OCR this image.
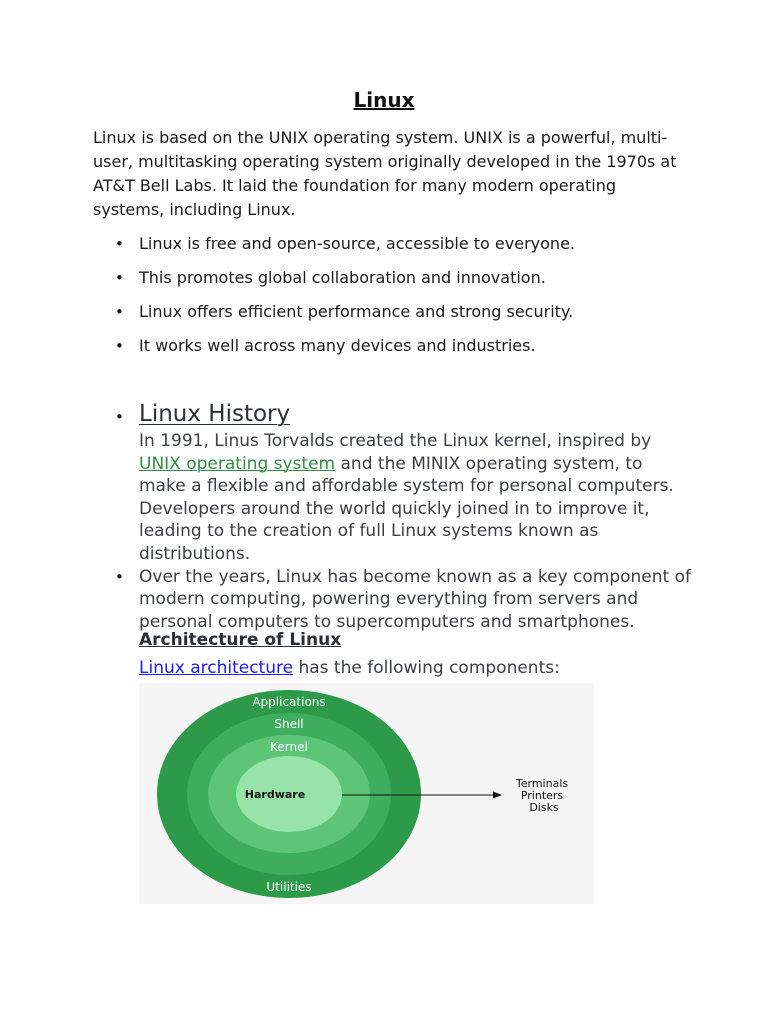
Linux

Linux is based on the UNIX operating system. UNIX is a powerful, multi-user, multitasking operating system originally developed in the 1970s at AT&T Bell Labs. It laid the foundation for many modern operating systems, including Linux.

• Linux is free and open-source, accessible to everyone.
• This promotes global collaboration and innovation.
• Linux offers efficient performance and strong security.
• It works well across many devices and industries.
• Linux History
In 1991, Linus Torvalds created the Linux kernel, inspired by UNIX operating system and the MINIX operating system, to make a flexible and affordable system for personal computers. Developers around the world quickly joined in to improve it, leading to the creation of full Linux systems known as distributions.
• Over the years, Linux has become known as a key component of modern computing, powering everything from servers and personal computers to supercomputers and smartphones.
Architecture of Linux

Linux architecture has the following components:

Applications
Shell
Kernel
Hardware
Utilities
Terminals
Printers
Disks
